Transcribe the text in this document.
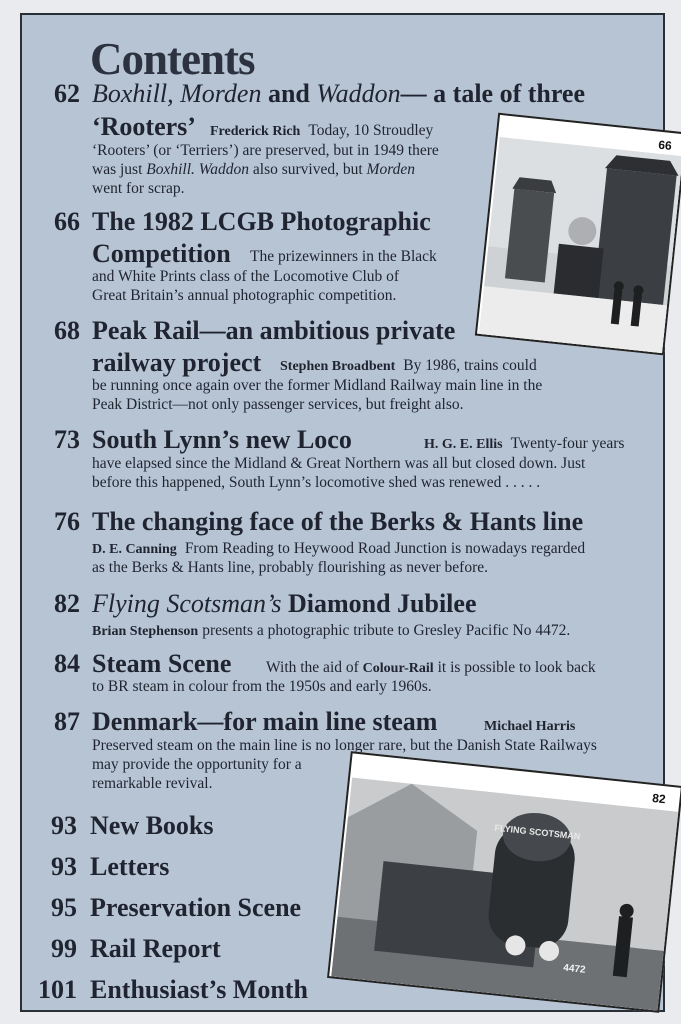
Contents
62 Boxhill, Morden and Waddon— a tale of three
‘Rooters’ Frederick Rich Today, 10 Stroudley
‘Rooters’ (or ‘Terriers’) are preserved, but in 1949 there
was just Boxhill. Waddon also survived, but Morden
went for scrap.
66 The 1982 LCGB Photographic
Competition The prizewinners in the Black
and White Prints class of the Locomotive Club of
Great Britain’s annual photographic competition.
68 Peak Rail—an ambitious private
railway project Stephen Broadbent By 1986, trains could
be running once again over the former Midland Railway main line in the
Peak District—not only passenger services, but freight also.
73 South Lynn’s new Loco	H. G. E. Ellis Twenty-four years
have elapsed since the Midland & Great Northern was all but closed down. Just
before this happened, South Lynn’s locomotive shed was renewed . . . . .
76 The changing face of the Berks & Hants line
D. E. Canning From Reading to Heywood Road Junction is nowadays regarded
as the Berks & Hants line, probably flourishing as never before.
82 Flying Scotsman’s Diamond Jubilee
Brian Stephenson presents a photographic tribute to Gresley Pacific No 4472.
84 Steam Scene With the aid of Colour-Rail it is possible to look back
to BR steam in colour from the 1950s and early 1960s.
87 Denmark—for main line steam	Michael Harris
Preserved steam on the main line is no longer rare, but the Danish State Railways
may provide the opportunity for a
remarkable revival.
93 New Books
93 Letters
95 Preservation Scene
99 Rail Report
101 Enthusiast’s Month
66
82
FLYING SCOTSMAN
4472
